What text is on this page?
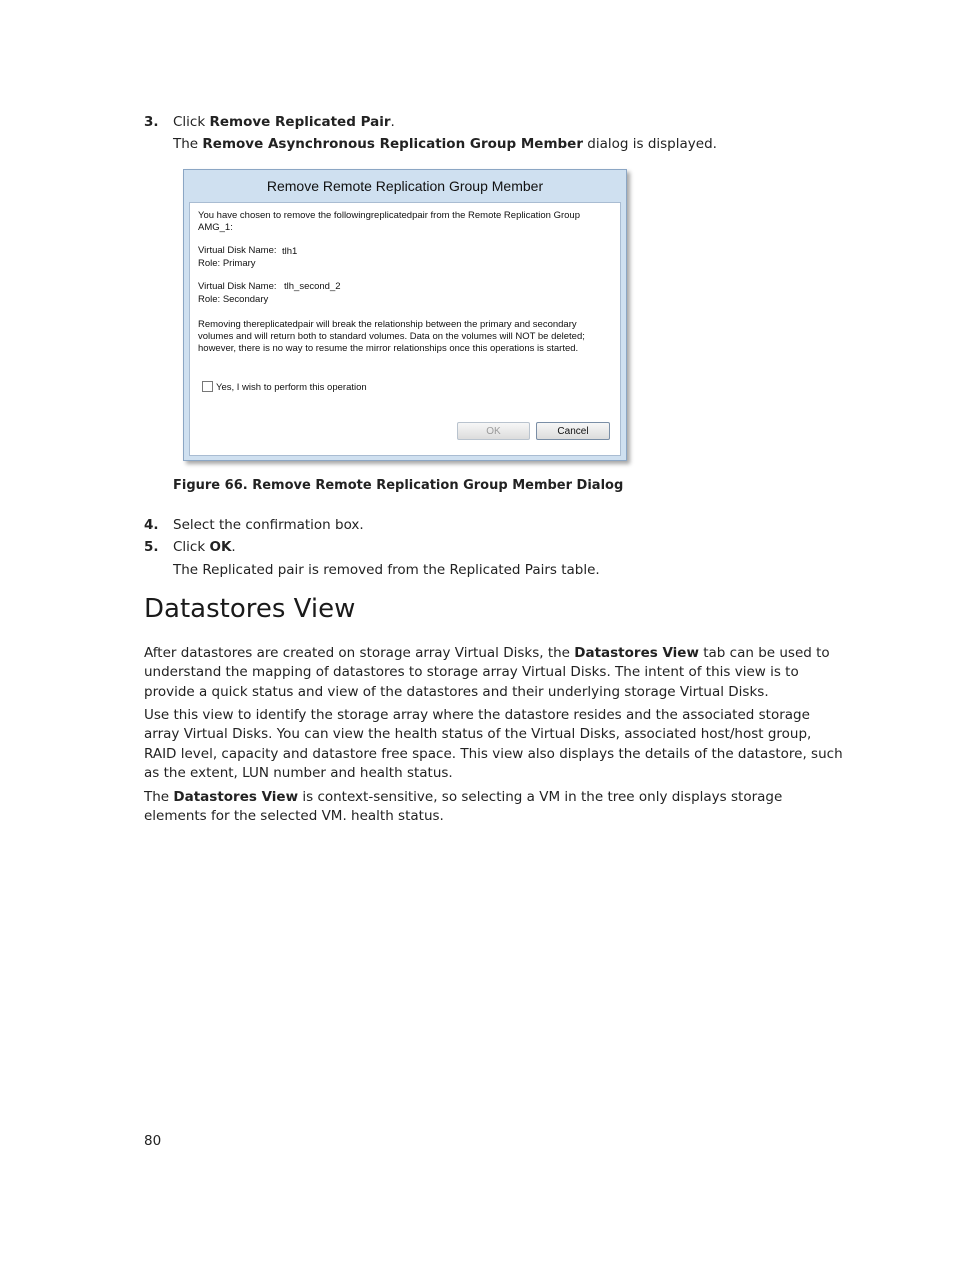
3. Click Remove Replicated Pair.
The Remove Asynchronous Replication Group Member dialog is displayed.
Remove Remote Replication Group Member
You have chosen to remove the followingreplicatedpair from the Remote Replication Group
AMG_1:
Virtual Disk Name: tlh1
Role: Primary
Virtual Disk Name: tlh_second_2
Role: Secondary
Removing thereplicatedpair will break the relationship between the primary and secondary
volumes and will return both to standard volumes. Data on the volumes will NOT be deleted;
however, there is no way to resume the mirror relationships once this operations is started.
Yes, I wish to perform this operation
OK	Cancel
Figure 66. Remove Remote Replication Group Member Dialog
4. Select the confirmation box.
5. Click OK.
The Replicated pair is removed from the Replicated Pairs table.
Datastores View
After datastores are created on storage array Virtual Disks, the Datastores View tab can be used to understand the mapping of datastores to storage array Virtual Disks. The intent of this view is to provide a quick status and view of the datastores and their underlying storage Virtual Disks.
Use this view to identify the storage array where the datastore resides and the associated storage array Virtual Disks. You can view the health status of the Virtual Disks, associated host/host group, RAID level, capacity and datastore free space. This view also displays the details of the datastore, such as the extent, LUN number and health status.
The Datastores View is context-sensitive, so selecting a VM in the tree only displays storage elements for the selected VM. health status.
80
